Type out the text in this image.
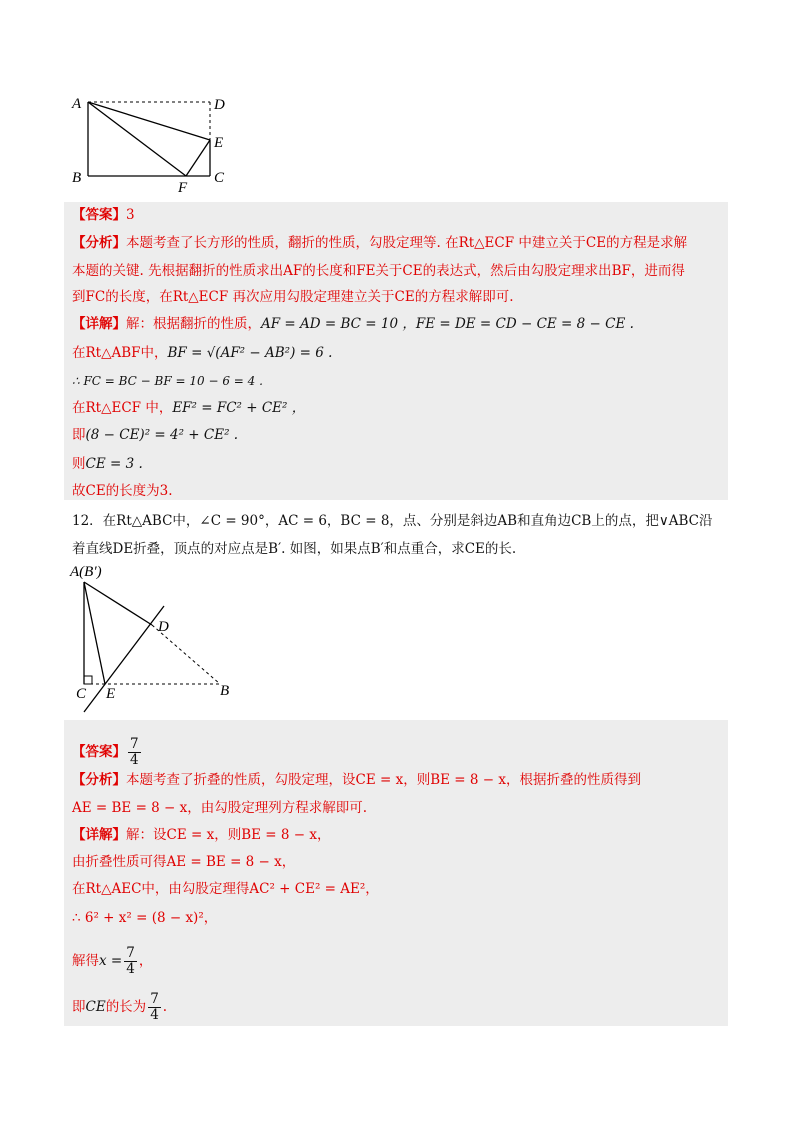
A	D
E
B
F
C
【答案】3
【分析】本题考查了长方形的性质，翻折的性质，勾股定理等. 在Rt△ECF 中建立关于CE的方程是求解
本题的关键. 先根据翻折的性质求出AF的长度和FE关于CE的表达式，然后由勾股定理求出BF，进而得
到FC的长度，在Rt△ECF 再次应用勾股定理建立关于CE的方程求解即可.
【详解】解：根据翻折的性质，AF = AD = BC = 10 ，FE = DE = CD − CE = 8 − CE .
在Rt△ABF中，BF = √(AF² − AB²) = 6 .
∴ FC = BC − BF = 10 − 6 = 4 .
在Rt△ECF 中，EF² = FC² + CE² ，
即(8 − CE)² = 4² + CE² .
则CE = 3 .
故CE的长度为3.
12．在Rt△ABC中，∠C = 90°，AC = 6，BC = 8，点、分别是斜边AB和直角边CB上的点，把∨ABC沿
着直线DE折叠，顶点的对应点是B′. 如图，如果点B′和点重合，求CE的长.
A(B′)
D
C E	B
【答案】 $\frac{7}{4}$
【分析】本题考查了折叠的性质，勾股定理，设CE = x，则BE = 8 − x，根据折叠的性质得到
AE = BE = 8 − x，由勾股定理列方程求解即可.
【详解】解：设CE = x，则BE = 8 − x，
由折叠性质可得AE = BE = 8 − x，
在Rt△AEC中，由勾股定理得AC² + CE² = AE²，
∴ 6² + x² = (8 − x)²，
解得$x = \frac{7}{4}$ ，
即CE的长为 $\frac{7}{4}$ .
